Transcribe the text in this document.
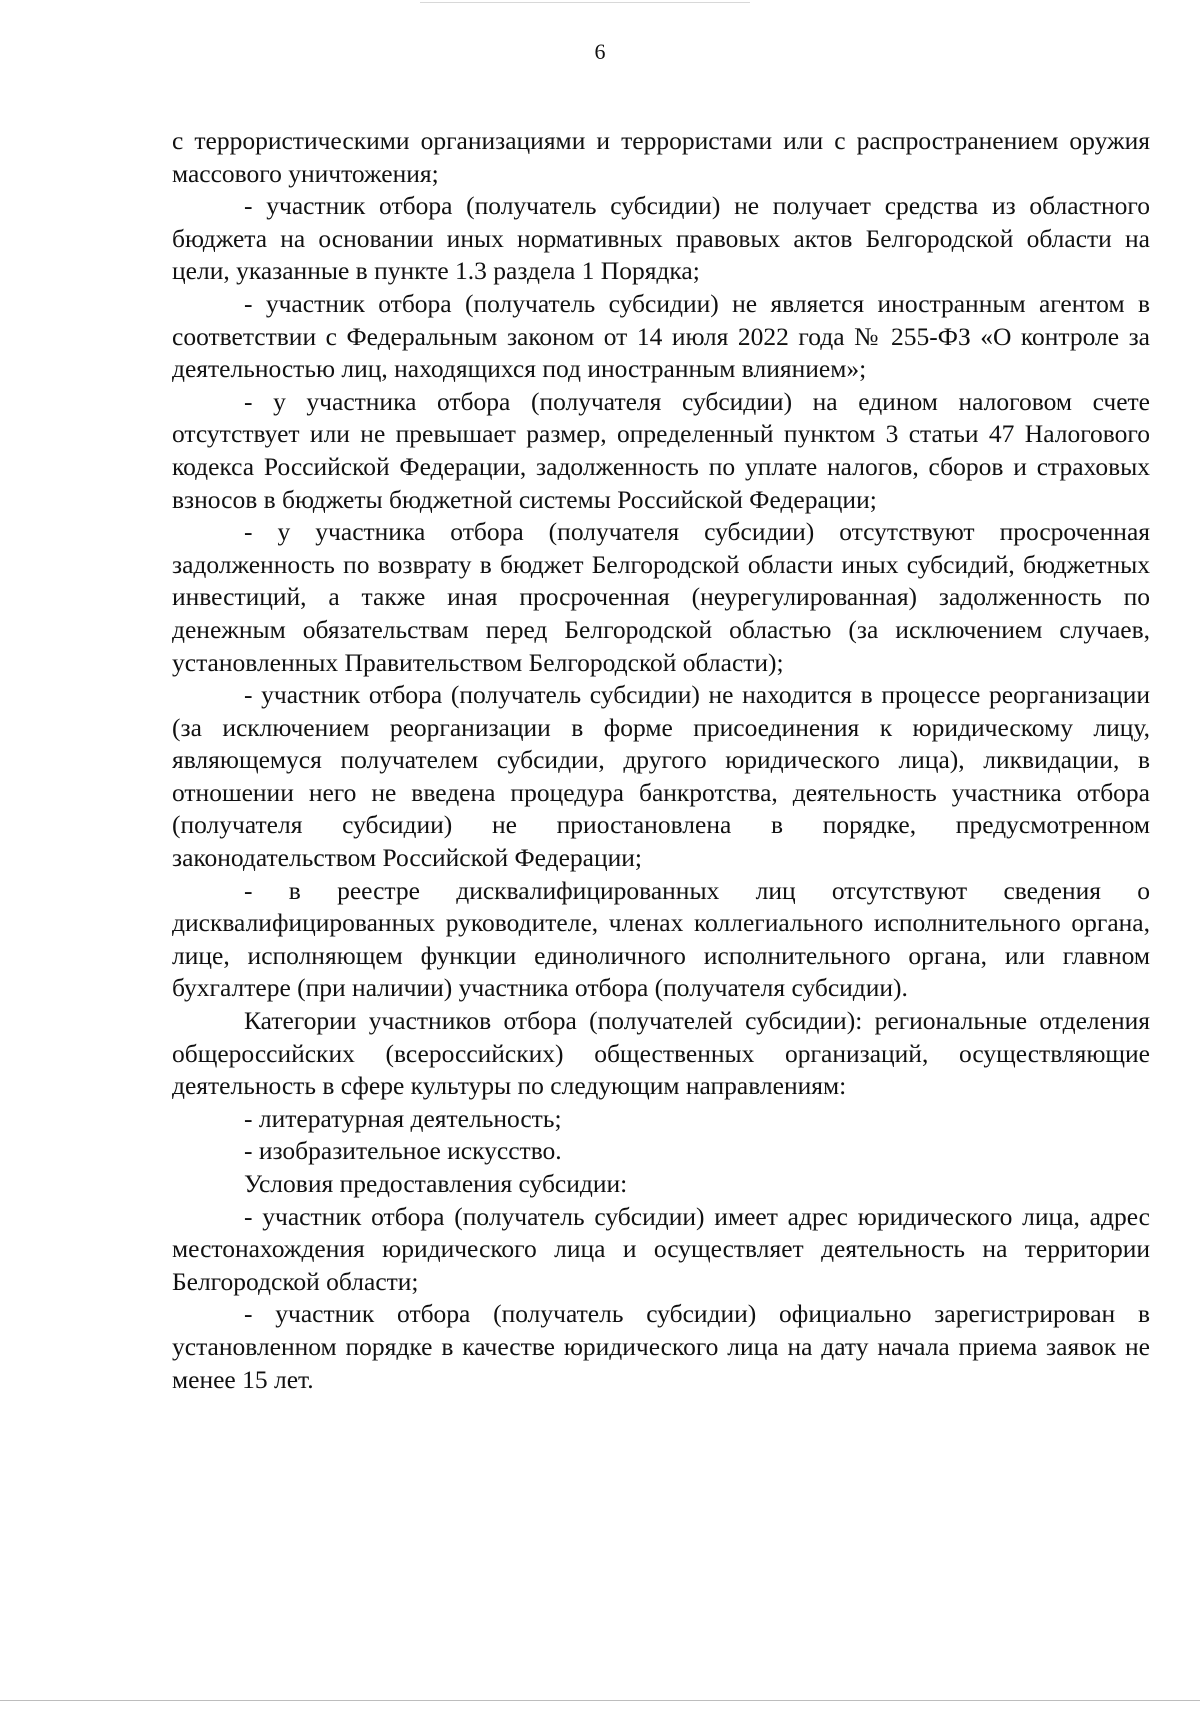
6

с террористическими организациями и террористами или с распространением оружия массового уничтожения;

- участник отбора (получатель субсидии) не получает средства из областного бюджета на основании иных нормативных правовых актов Белгородской области на цели, указанные в пункте 1.3 раздела 1 Порядка;

- участник отбора (получатель субсидии) не является иностранным агентом в соответствии с Федеральным законом от 14 июля 2022 года № 255-ФЗ «О контроле за деятельностью лиц, находящихся под иностранным влиянием»;

- у участника отбора (получателя субсидии) на едином налоговом счете отсутствует или не превышает размер, определенный пунктом 3 статьи 47 Налогового кодекса Российской Федерации, задолженность по уплате налогов, сборов и страховых взносов в бюджеты бюджетной системы Российской Федерации;

- у участника отбора (получателя субсидии) отсутствуют просроченная задолженность по возврату в бюджет Белгородской области иных субсидий, бюджетных инвестиций, а также иная просроченная (неурегулированная) задолженность по денежным обязательствам перед Белгородской областью (за исключением случаев, установленных Правительством Белгородской области);

- участник отбора (получатель субсидии) не находится в процессе реорганизации (за исключением реорганизации в форме присоединения к юридическому лицу, являющемуся получателем субсидии, другого юридического лица), ликвидации, в отношении него не введена процедура банкротства, деятельность участника отбора (получателя субсидии) не приостановлена в порядке, предусмотренном законодательством Российской Федерации;

- в реестре дисквалифицированных лиц отсутствуют сведения о дисквалифицированных руководителе, членах коллегиального исполнительного органа, лице, исполняющем функции единоличного исполнительного органа, или главном бухгалтере (при наличии) участника отбора (получателя субсидии).

Категории участников отбора (получателей субсидии): региональные отделения общероссийских (всероссийских) общественных организаций, осуществляющие деятельность в сфере культуры по следующим направлениям:

- литературная деятельность;

- изобразительное искусство.

Условия предоставления субсидии:

- участник отбора (получатель субсидии) имеет адрес юридического лица, адрес местонахождения юридического лица и осуществляет деятельность на территории Белгородской области;

- участник отбора (получатель субсидии) официально зарегистрирован в установленном порядке в качестве юридического лица на дату начала приема заявок не менее 15 лет.
